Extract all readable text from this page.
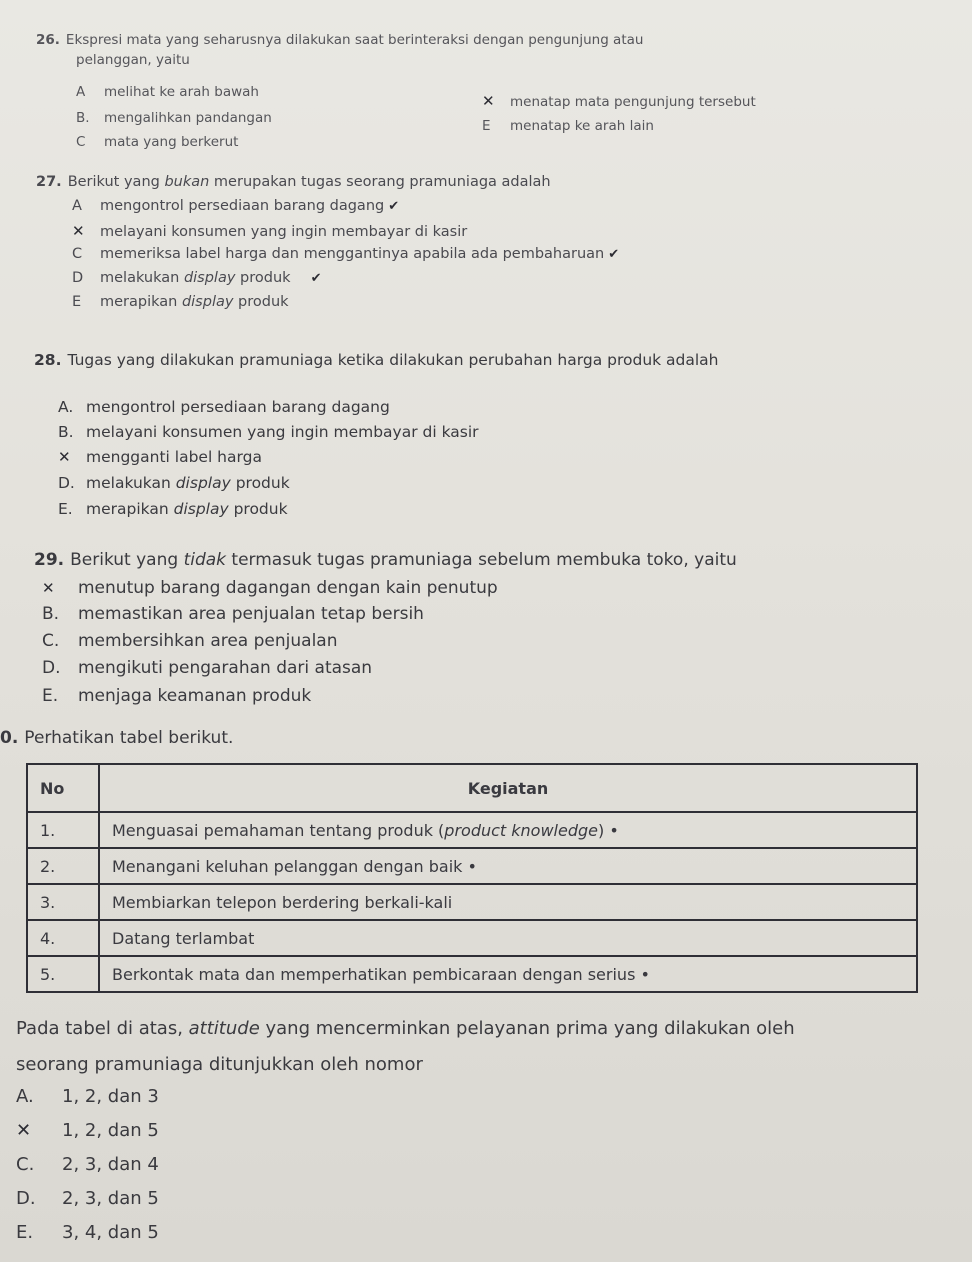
26. Ekspresi mata yang seharusnya dilakukan saat berinteraksi dengan pengunjung atau

pelanggan, yaitu

A melihat ke arah bawah
B. mengalihkan pandangan
C mata yang berkerut
✕ menatap mata pengunjung tersebut
E menatap ke arah lain

27. Berikut yang bukan merupakan tugas seorang pramuniaga adalah

A mengontrol persediaan barang dagang ✔
✕ melayani konsumen yang ingin membayar di kasir
C memeriksa label harga dan menggantinya apabila ada pembaharuan ✔
D melakukan display produk ✔
E merapikan display produk

28. Tugas yang dilakukan pramuniaga ketika dilakukan perubahan harga produk adalah

A. mengontrol persediaan barang dagang
B. melayani konsumen yang ingin membayar di kasir
✕ mengganti label harga
D. melakukan display produk
E. merapikan display produk

29. Berikut yang tidak termasuk tugas pramuniaga sebelum membuka toko, yaitu

✕ menutup barang dagangan dengan kain penutup
B. memastikan area penjualan tetap bersih
C. membersihkan area penjualan
D. mengikuti pengarahan dari atasan
E. menjaga keamanan produk

0. Perhatikan tabel berikut.

No	Kegiatan
1.	Menguasai pemahaman tentang produk (product knowledge) •
2.	Menangani keluhan pelanggan dengan baik •
3.	Membiarkan telepon berdering berkali-kali
4.	Datang terlambat
5.	Berkontak mata dan memperhatikan pembicaraan dengan serius •

Pada tabel di atas, attitude yang mencerminkan pelayanan prima yang dilakukan oleh

seorang pramuniaga ditunjukkan oleh nomor

A. 1, 2, dan 3
✕ 1, 2, dan 5
C. 2, 3, dan 4
D. 2, 3, dan 5
E. 3, 4, dan 5
